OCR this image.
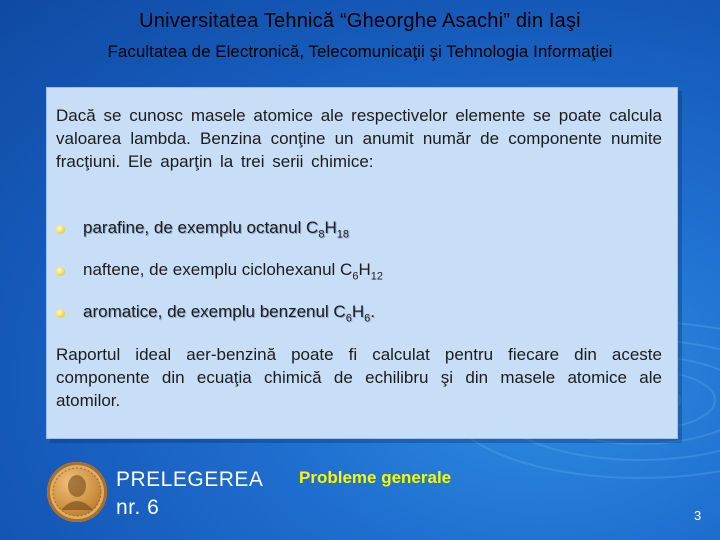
Universitatea Tehnică “Gheorghe Asachi” din Iaşi
Facultatea de Electronică, Telecomunicaţii şi Tehnologia Informaţiei
Dacă se cunosc masele atomice ale respectivelor elemente se poate calcula valoarea lambda. Benzina conţine un anumit număr de componente numite fracţiuni. Ele aparţin la trei serii chimice:
parafine, de exemplu octanul $C_8H_{18}$
naftene, de exemplu ciclohexanul $C_6H_{12}$
aromatice, de exemplu benzenul $C_6H_6$.
Raportul ideal aer-benzină poate fi calculat pentru fiecare din aceste componente din ecuaţia chimică de echilibru şi din masele atomice ale atomilor.
PRELEGEREA
nr. 6
Probleme generale
3
